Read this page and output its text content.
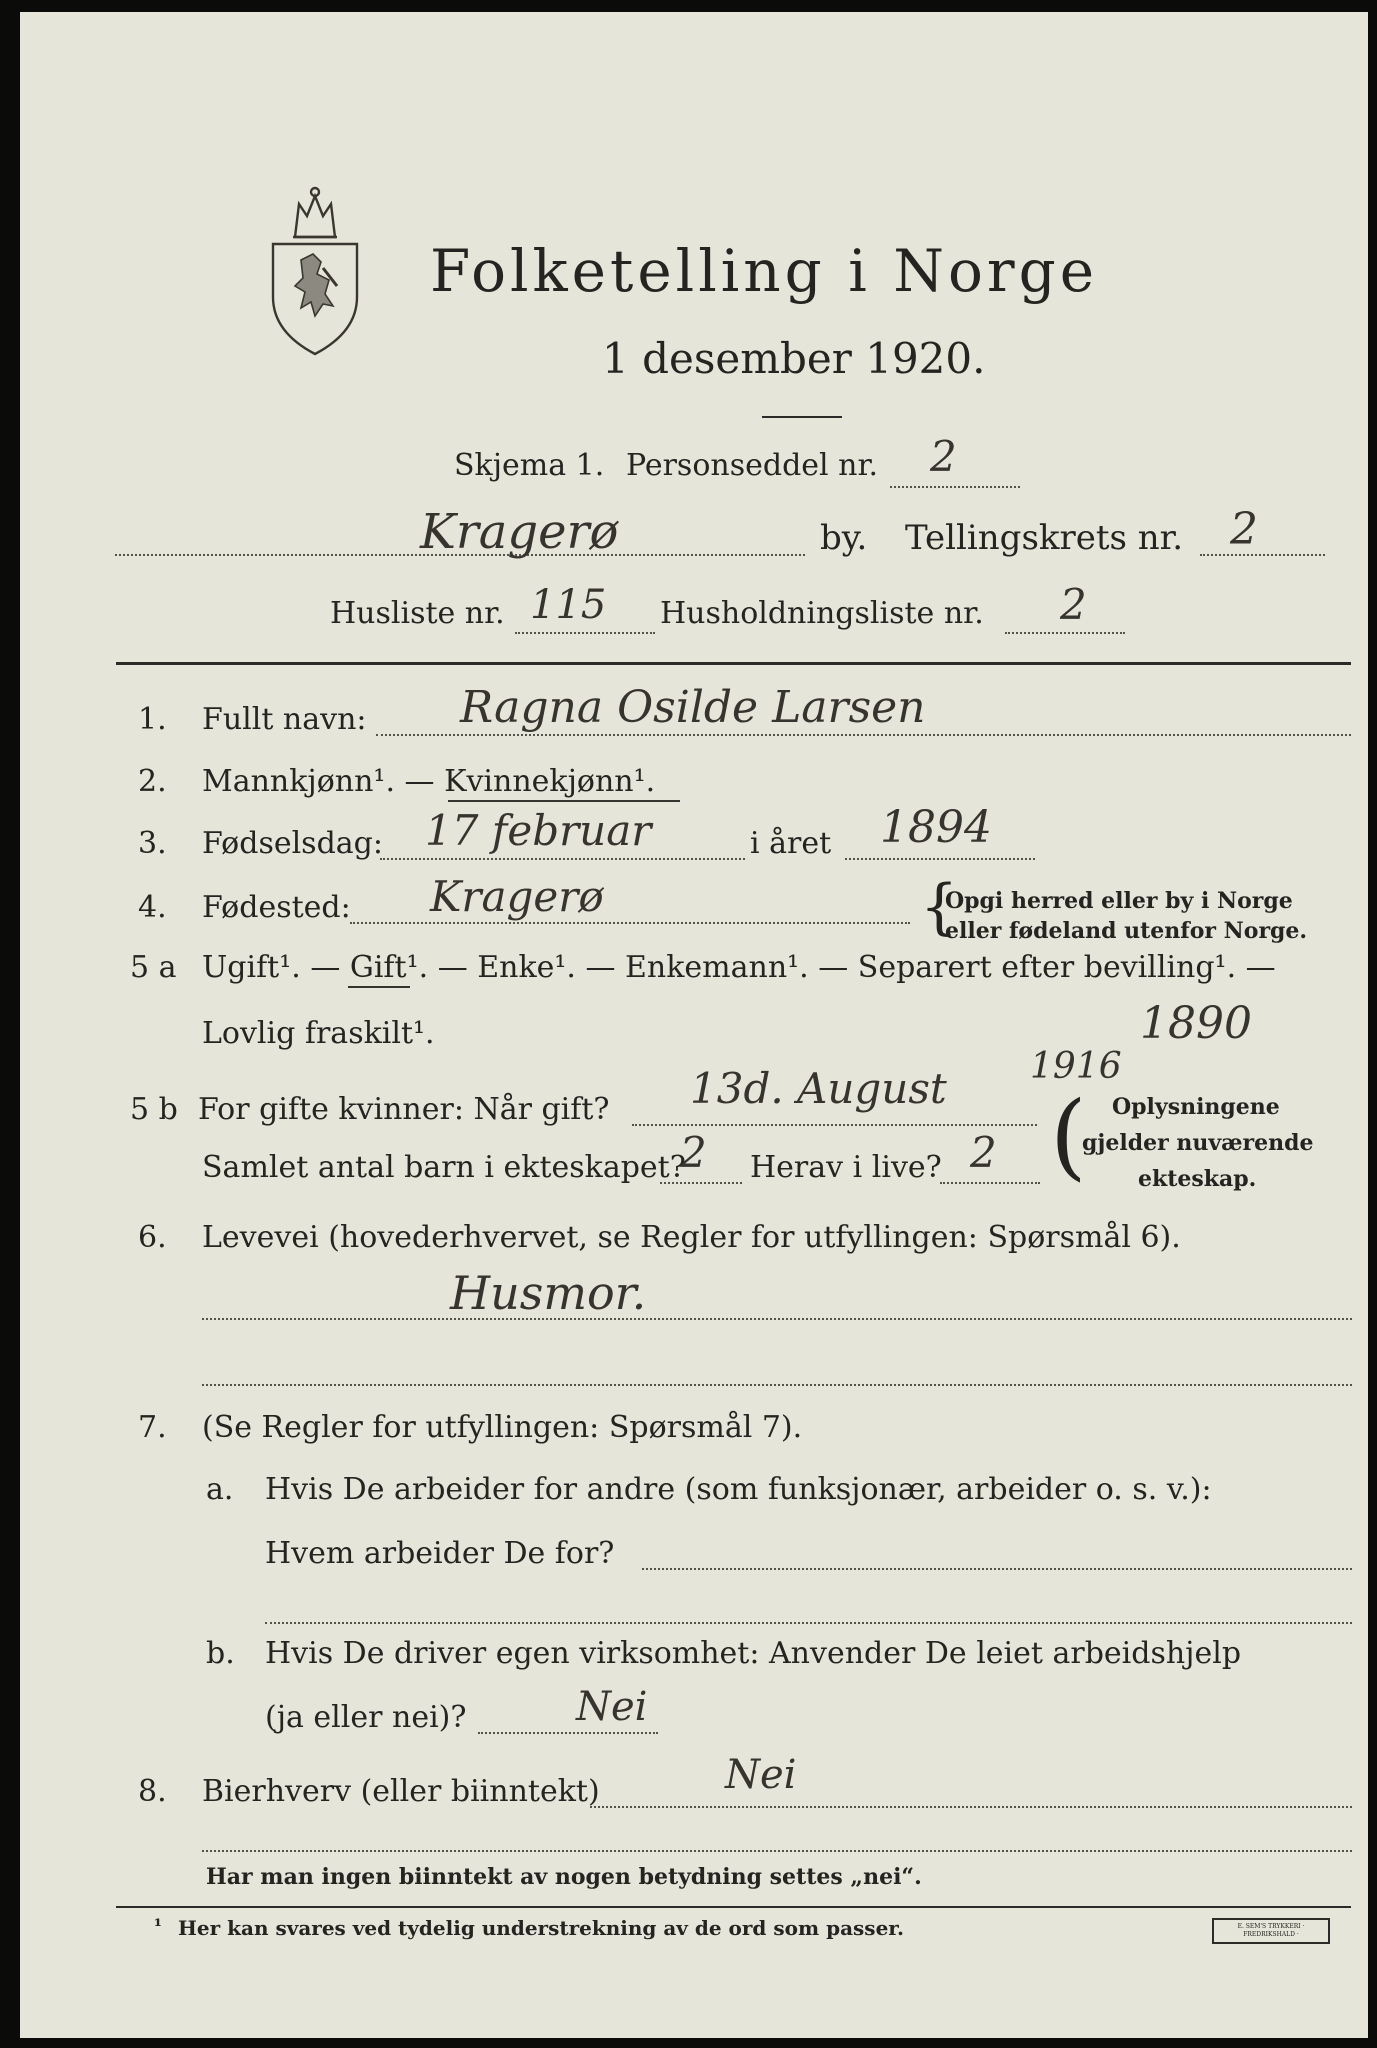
Folketelling i Norge
1 desember 1920.
Skjema 1. Personseddel nr. 2
Kragerø	by. Tellingskrets nr. 2
Husliste nr. 115 Husholdningsliste nr. 2
1. Fullt navn: Ragna Osilde Larsen
2. Mannkjønn¹. — Kvinnekjønn¹.
3. Fødselsdag: 17 februar	i året 1894
4. Fødested: Kragerø	{
Opgi herred eller by i Norge
eller fødeland utenfor Norge.
5 a Ugift¹. — Gift¹. — Enke¹. — Enkemann¹. — Separert efter bevilling¹. —
Lovlig fraskilt¹.	1890
5 b For gifte kvinner: Når gift? 13d. August 1916
Samlet antal barn i ekteskapet?
2 Herav i live? 2 ( Oplysningene
gjelder nuværende
ekteskap.
6. Levevei (hovederhvervet, se Regler for utfyllingen: Spørsmål 6).
Husmor.
7. (Se Regler for utfyllingen: Spørsmål 7).
a. Hvis De arbeider for andre (som funksjonær, arbeider o. s. v.):
Hvem arbeider De for?
b. Hvis De driver egen virksomhet: Anvender De leiet arbeidshjelp
(ja eller nei)?	Nei
8. Bierhverv (eller biinntekt)	Nei
Har man ingen biinntekt av nogen betydning settes „nei“.
¹ Her kan svares ved tydelig understrekning av de ord som passer.	E. SEM'S TRYKKERI · FREDRIKSHALD ·
